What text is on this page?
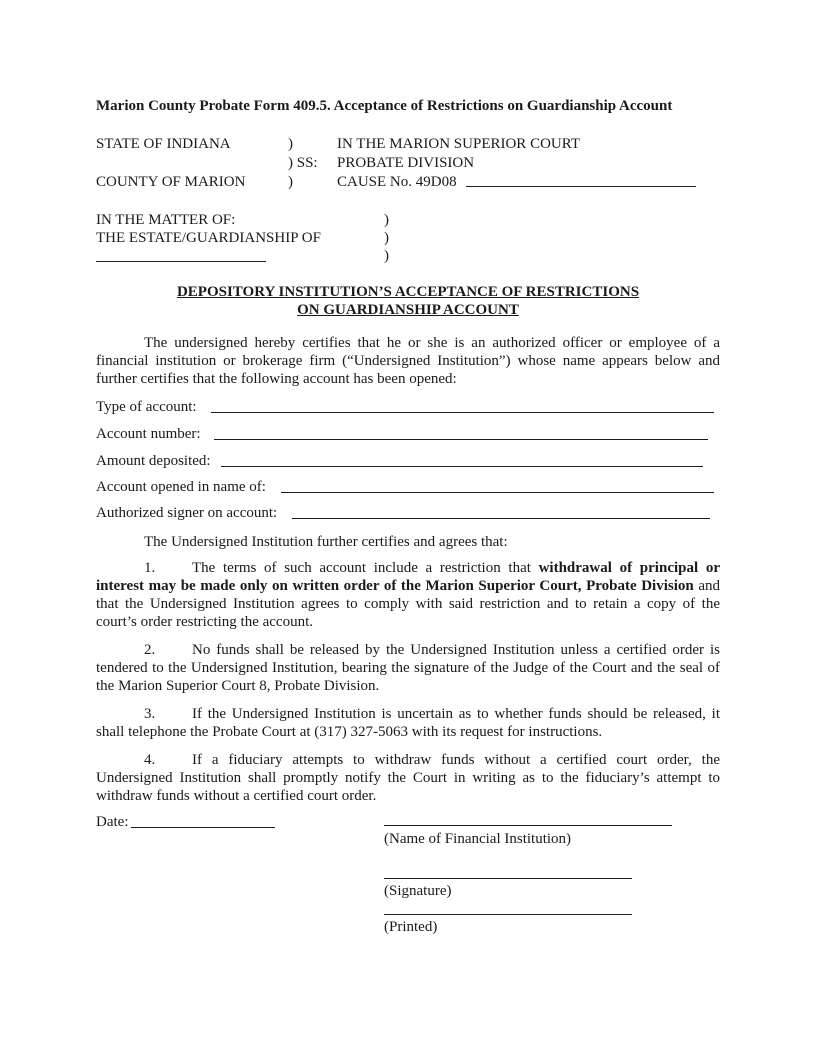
Marion County Probate Form 409.5. Acceptance of Restrictions on Guardianship Account
STATE OF INDIANA
COUNTY OF MARION
)
) SS:
)
IN THE MARION SUPERIOR COURT
PROBATE DIVISION
CAUSE No. 49D08
IN THE MATTER OF:
THE ESTATE/GUARDIANSHIP OF
)
)
)
DEPOSITORY INSTITUTION’S ACCEPTANCE OF RESTRICTIONS
ON GUARDIANSHIP ACCOUNT
The undersigned hereby certifies that he or she is an authorized officer or employee of a financial institution or brokerage firm (“Undersigned Institution”) whose name appears below and further certifies that the following account has been opened:
Type of account:
Account number:
Amount deposited:
Account opened in name of:
Authorized signer on account:
The Undersigned Institution further certifies and agrees that:
1. The terms of such account include a restriction that withdrawal of principal or interest may be made only on written order of the Marion Superior Court, Probate Division and that the Undersigned Institution agrees to comply with said restriction and to retain a copy of the court’s order restricting the account.
2. No funds shall be released by the Undersigned Institution unless a certified order is tendered to the Undersigned Institution, bearing the signature of the Judge of the Court and the seal of the Marion Superior Court 8, Probate Division.
3. If the Undersigned Institution is uncertain as to whether funds should be released, it shall telephone the Probate Court at (317) 327-5063 with its request for instructions.
4. If a fiduciary attempts to withdraw funds without a certified court order, the Undersigned Institution shall promptly notify the Court in writing as to the fiduciary’s attempt to withdraw funds without a certified court order.
Date:
(Name of Financial Institution)
(Signature)
(Printed)
